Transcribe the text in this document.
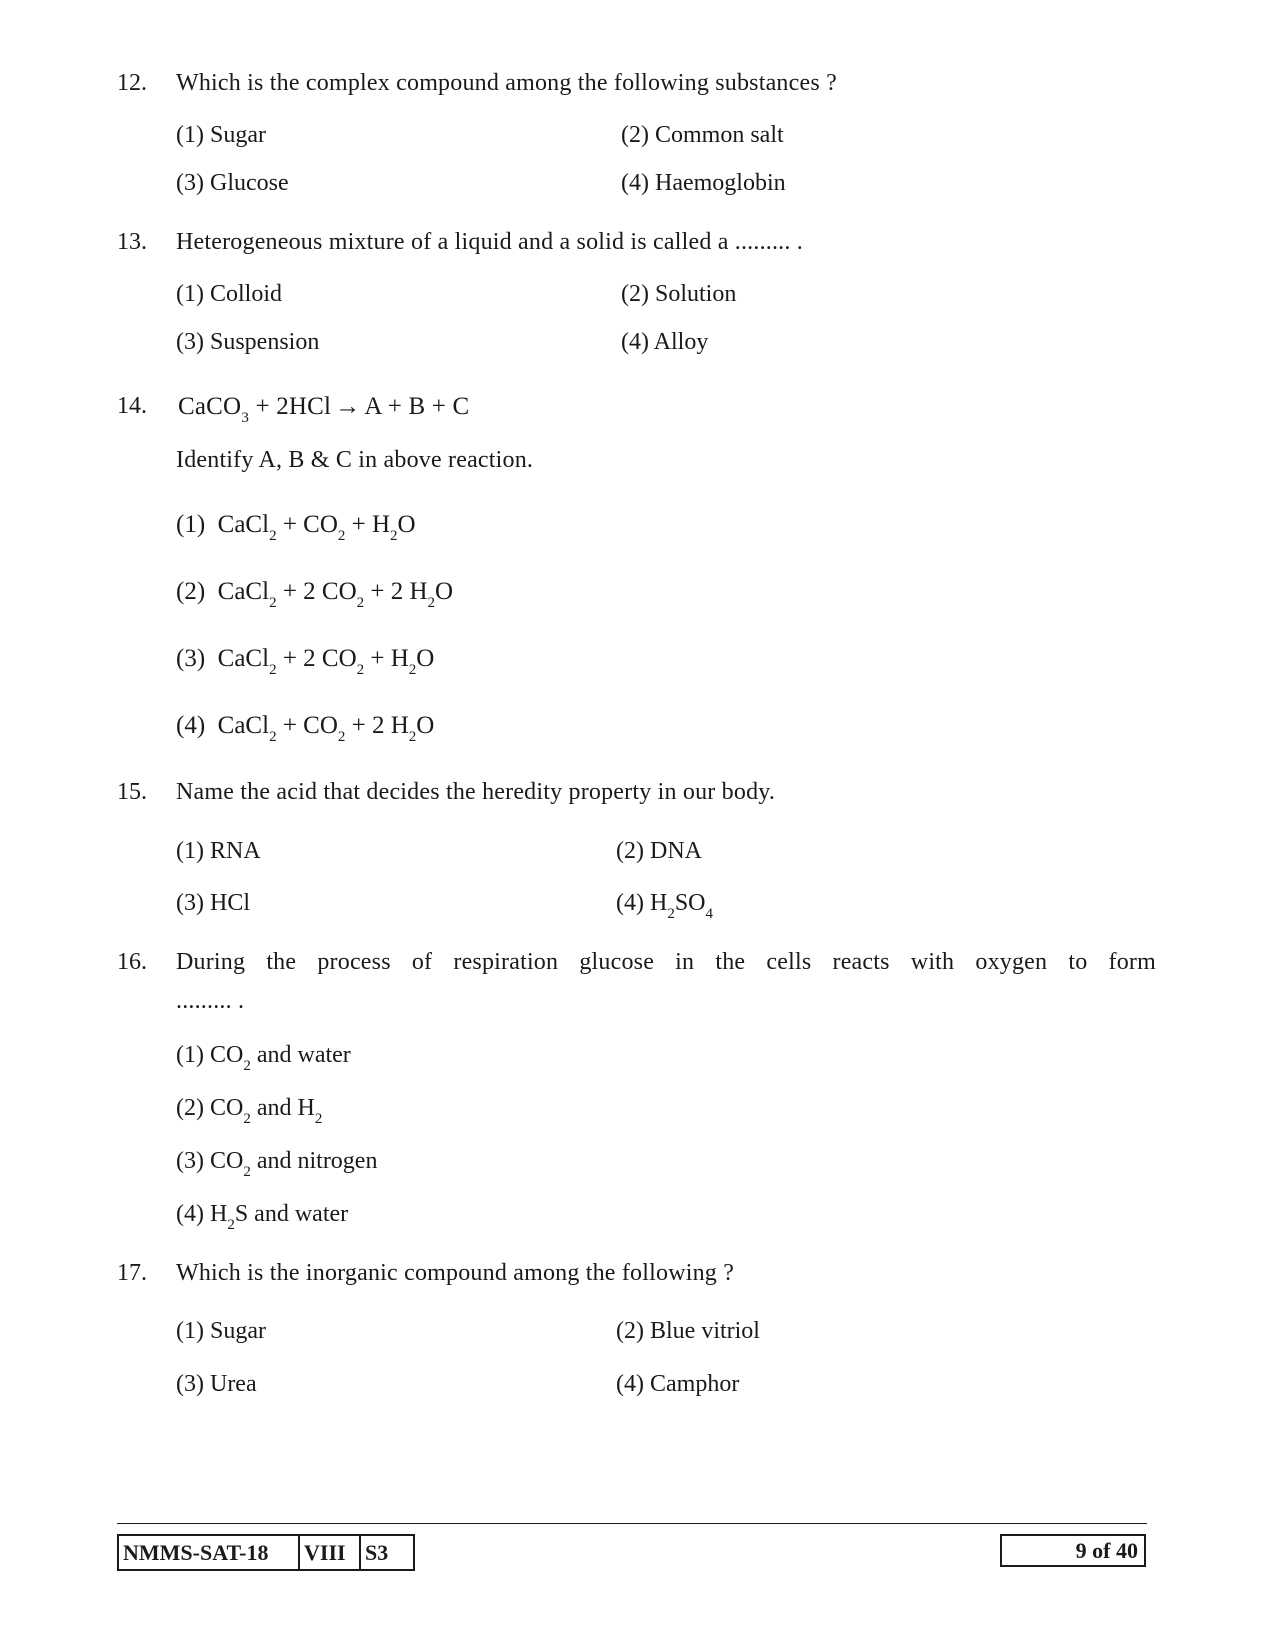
12. Which is the complex compound among the following substances ?
(1) Sugar	(2) Common salt
(3) Glucose	(4) Haemoglobin
13. Heterogeneous mixture of a liquid and a solid is called a ......... .
(1) Colloid	(2) Solution
(3) Suspension	(4) Alloy
14. CaCO3 + 2HCl → A + B + C
Identify A, B & C in above reaction.
(1) CaCl2 + CO2 + H2O
(2) CaCl2 + 2 CO2 + 2 H2O
(3) CaCl2 + 2 CO2 + H2O
(4) CaCl2 + CO2 + 2 H2O
15. Name the acid that decides the heredity property in our body.
(1) RNA	(2) DNA
(3) HCl	(4) H2SO4
16. During the process of respiration glucose in the cells reacts with oxygen to form
......... .
(1) CO2 and water
(2) CO2 and H2
(3) CO2 and nitrogen
(4) H2S and water
17. Which is the inorganic compound among the following ?
(1) Sugar	(2) Blue vitriol
(3) Urea	(4) Camphor
NMMS-SAT-18	VIII S3	9 of 40
